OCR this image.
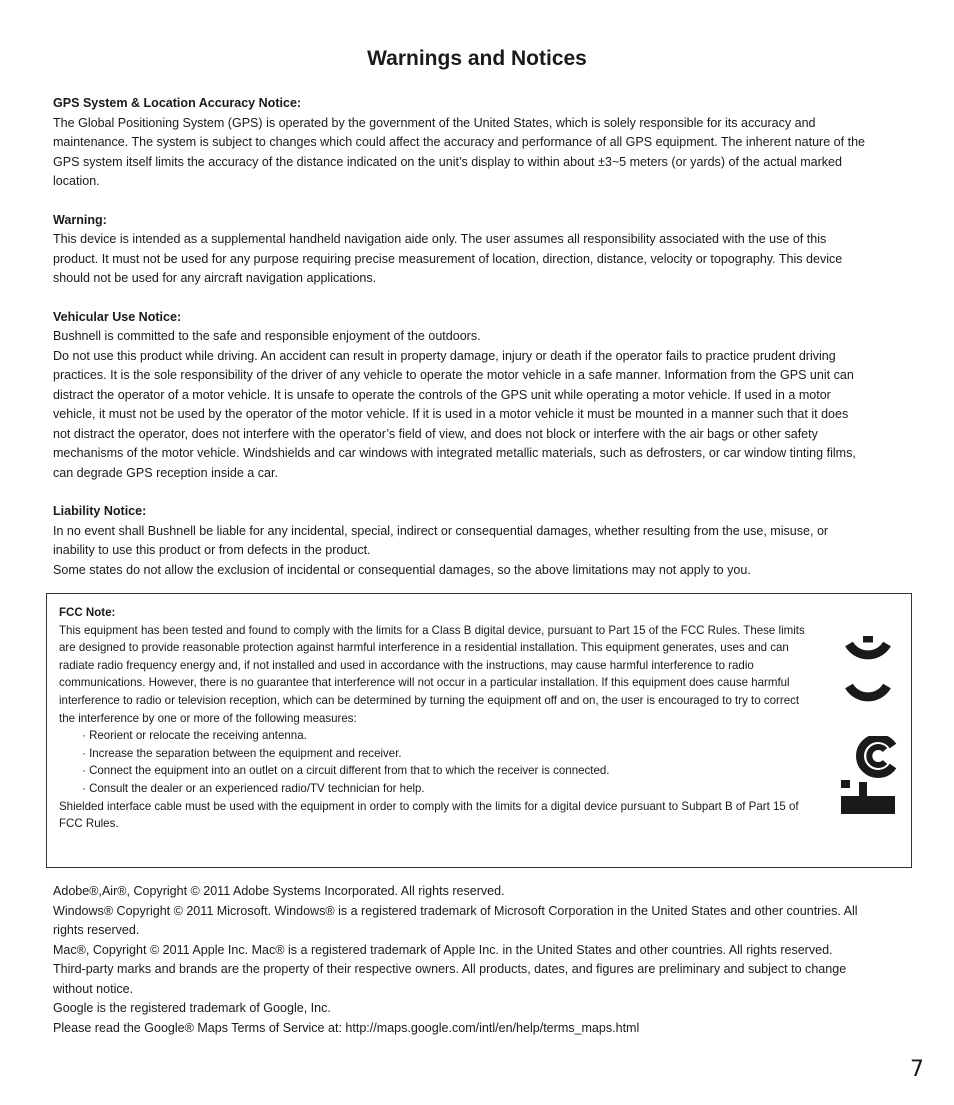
Warnings and Notices

GPS System & Location Accuracy Notice:

The Global Positioning System (GPS) is operated by the government of the United States, which is solely responsible for its accuracy and maintenance. The system is subject to changes which could affect the accuracy and performance of all GPS equipment. The inherent nature of the GPS system itself limits the accuracy of the distance indicated on the unit’s display to within about ±3~5 meters (or yards) of the actual marked location.

Warning:

This device is intended as a supplemental handheld navigation aide only. The user assumes all responsibility associated with the use of this product. It must not be used for any purpose requiring precise measurement of location, direction, distance, velocity or topography. This device should not be used for any aircraft navigation applications.

Vehicular Use Notice:

Bushnell is committed to the safe and responsible enjoyment of the outdoors.

Do not use this product while driving. An accident can result in property damage, injury or death if the operator fails to practice prudent driving practices. It is the sole responsibility of the driver of any vehicle to operate the motor vehicle in a safe manner. Information from the GPS unit can distract the operator of a motor vehicle. It is unsafe to operate the controls of the GPS unit while operating a motor vehicle. If used in a motor vehicle, it must not be used by the operator of the motor vehicle. If it is used in a motor vehicle it must be mounted in a manner such that it does not distract the operator, does not interfere with the operator’s field of view, and does not block or interfere with the air bags or other safety mechanisms of the motor vehicle. Windshields and car windows with integrated metallic materials, such as defrosters, or car window tinting films, can degrade GPS reception inside a car.

Liability Notice:

In no event shall Bushnell be liable for any incidental, special, indirect or consequential damages, whether resulting from the use, misuse, or inability to use this product or from defects in the product.

Some states do not allow the exclusion of incidental or consequential damages, so the above limitations may not apply to you.

FCC Note:

This equipment has been tested and found to comply with the limits for a Class B digital device, pursuant to Part 15 of the FCC Rules. These limits are designed to provide reasonable protection against harmful interference in a residential installation. This equipment generates, uses and can radiate radio frequency energy and, if not installed and used in accordance with the instructions, may cause harmful interference to radio communications. However, there is no guarantee that interference will not occur in a particular installation. If this equipment does cause harmful interference to radio or television reception, which can be determined by turning the equipment off and on, the user is encouraged to try to correct the interference by one or more of the following measures:

· Reorient or relocate the receiving antenna.
· Increase the separation between the equipment and receiver.
· Connect the equipment into an outlet on a circuit different from that to which the receiver is connected.
· Consult the dealer or an experienced radio/TV technician for help.

Shielded interface cable must be used with the equipment in order to comply with the limits for a digital device pursuant to Subpart B of Part 15 of FCC Rules.

Adobe®,Air®, Copyright © 2011 Adobe Systems Incorporated. All rights reserved.

Windows® Copyright © 2011 Microsoft. Windows® is a registered trademark of Microsoft Corporation in the United States and other countries. All rights reserved.

Mac®, Copyright © 2011 Apple Inc. Mac® is a registered trademark of Apple Inc. in the United States and other countries. All rights reserved.

Third-party marks and brands are the property of their respective owners. All products, dates, and figures are preliminary and subject to change without notice.

Google is the registered trademark of Google, Inc.

Please read the Google® Maps Terms of Service at: http://maps.google.com/intl/en/help/terms_maps.html

7
